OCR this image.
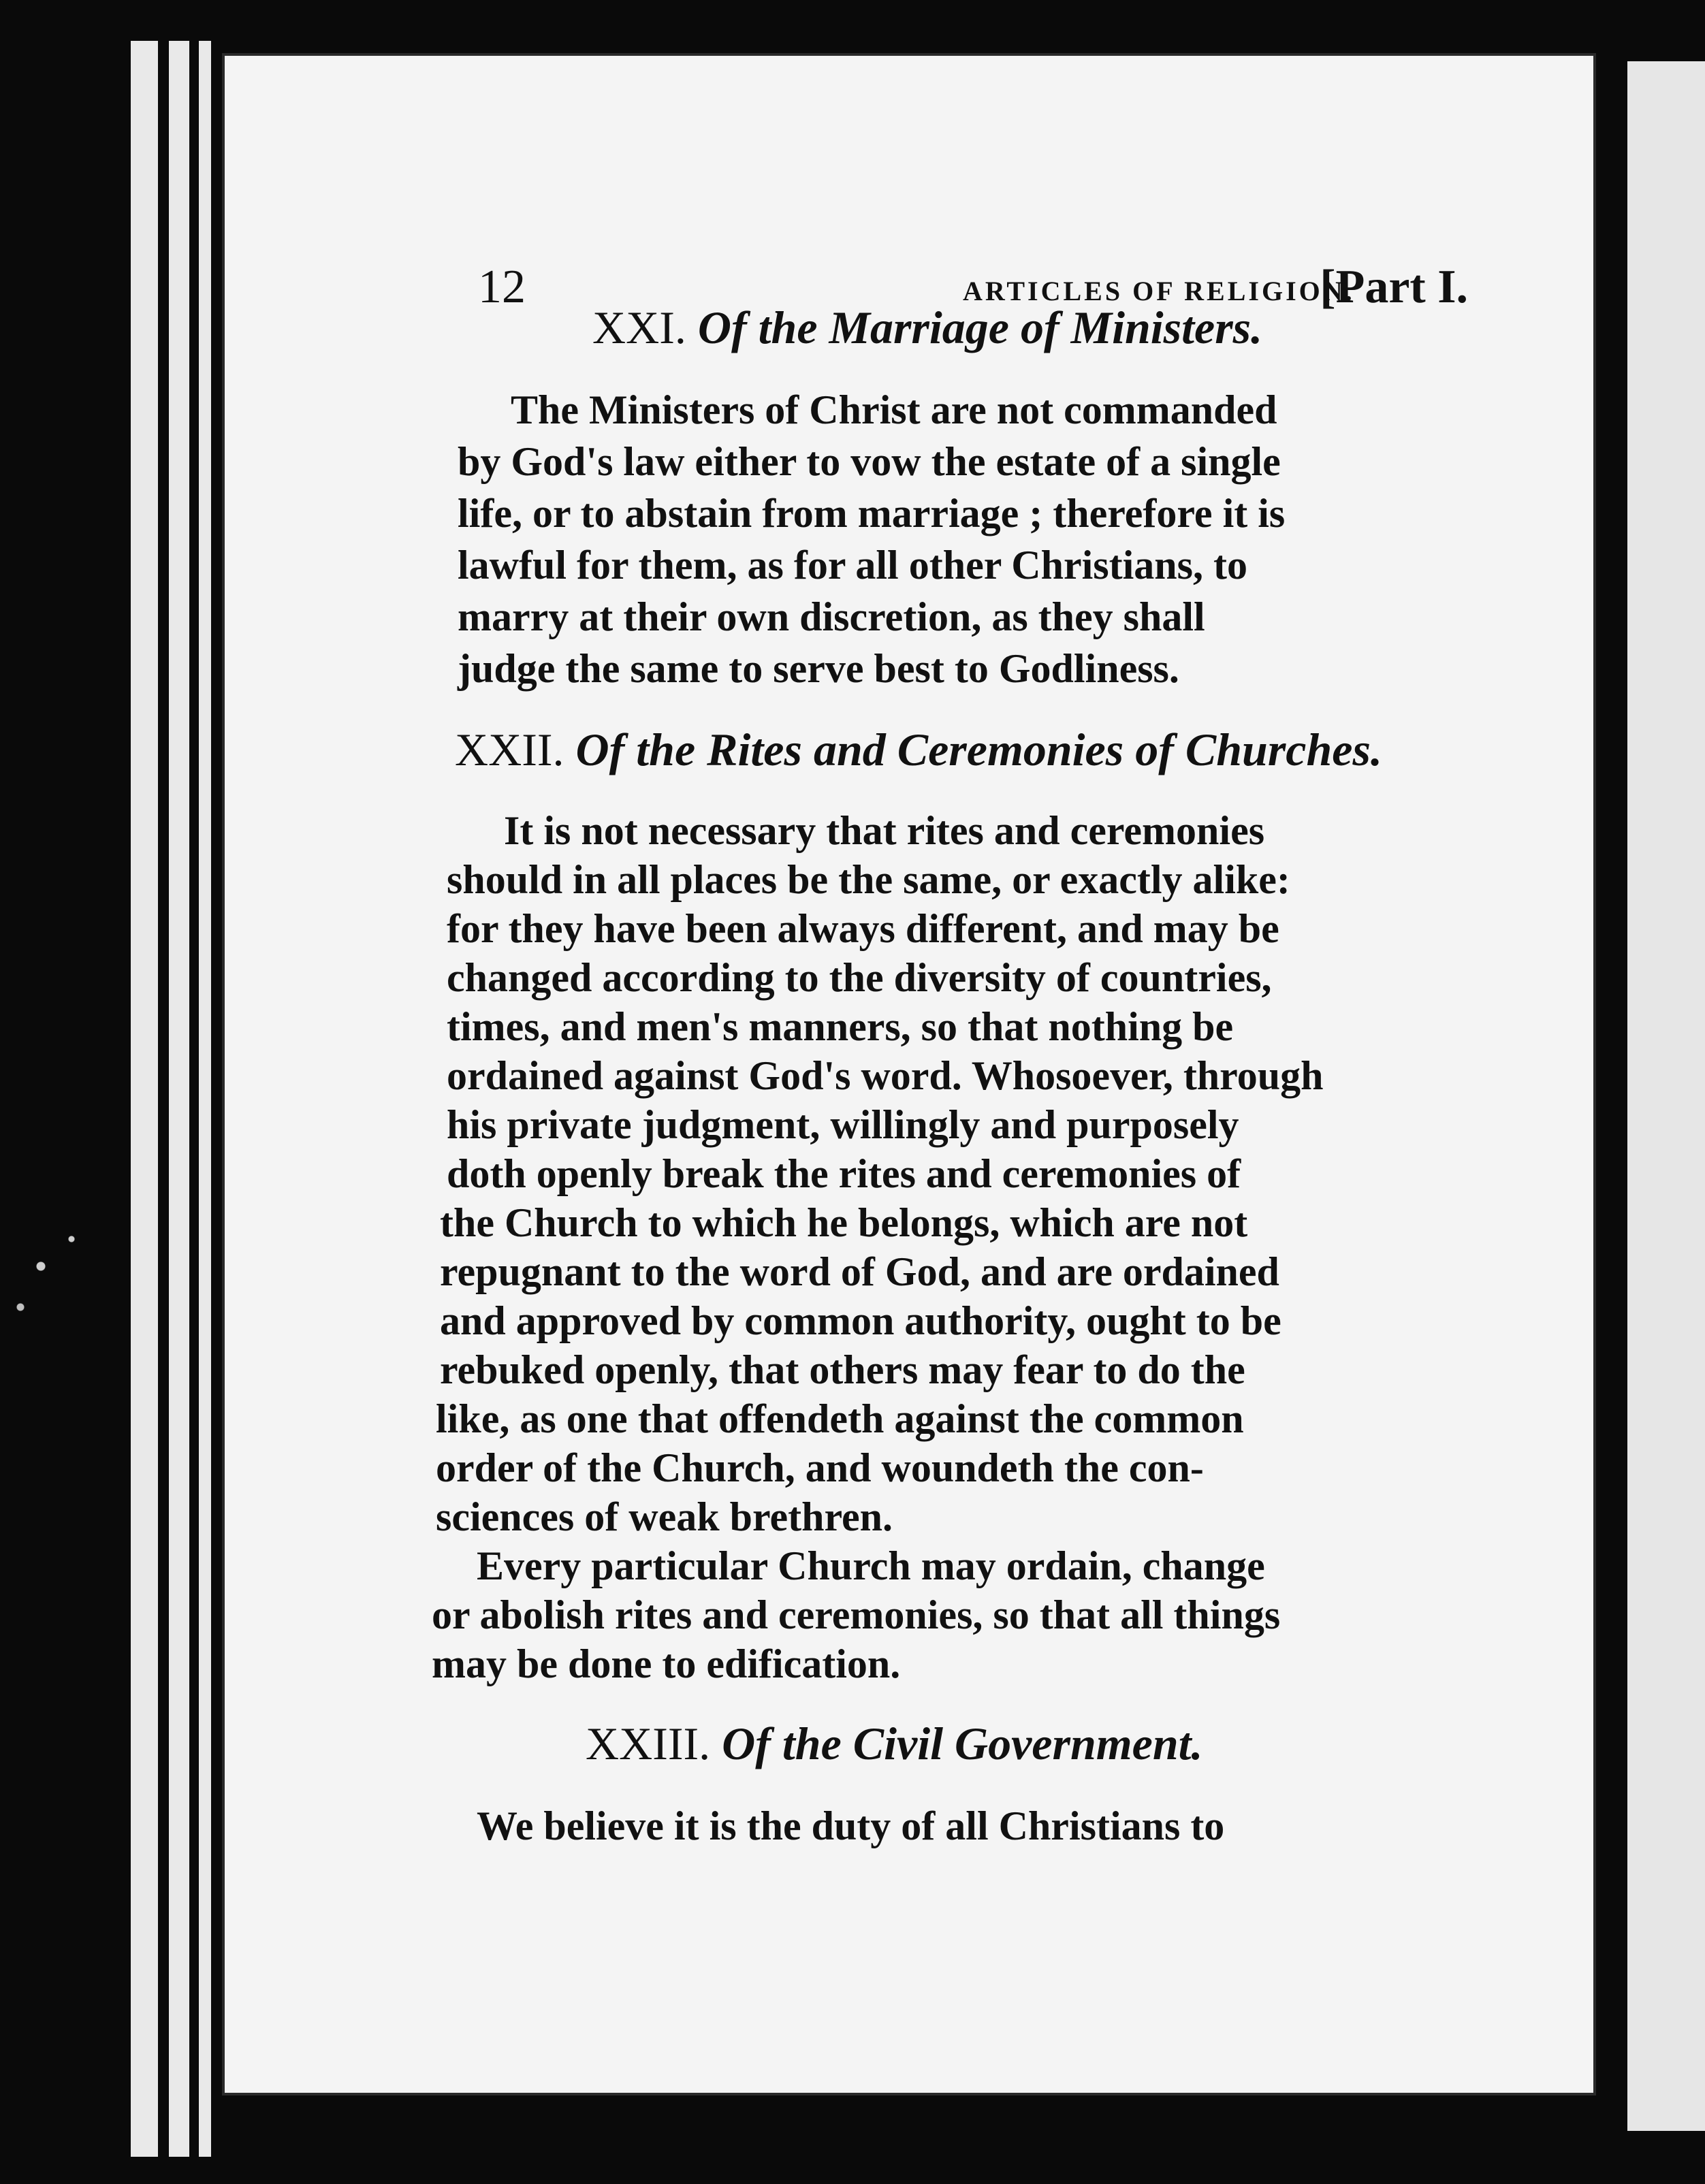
12	ARTICLES OF RELIGION.
[Part I.
XXI. Of the Marriage of Ministers.
The Ministers of Christ are not commanded
by God's law either to vow the estate of a single
life, or to abstain from marriage ; therefore it is
lawful for them, as for all other Christians, to
marry at their own discretion, as they shall
judge the same to serve best to Godliness.
XXII. Of the Rites and Ceremonies of Churches.
It is not necessary that rites and ceremonies
should in all places be the same, or exactly alike:
for they have been always different, and may be
changed according to the diversity of countries,
times, and men's manners, so that nothing be
ordained against God's word. Whosoever, through
his private judgment, willingly and purposely
doth openly break the rites and ceremonies of
the Church to which he belongs, which are not
repugnant to the word of God, and are ordained
and approved by common authority, ought to be
rebuked openly, that others may fear to do the
like, as one that offendeth against the common
order of the Church, and woundeth the con-
sciences of weak brethren.
Every particular Church may ordain, change
or abolish rites and ceremonies, so that all things
may be done to edification.
XXIII. Of the Civil Government.
We believe it is the duty of all Christians to
